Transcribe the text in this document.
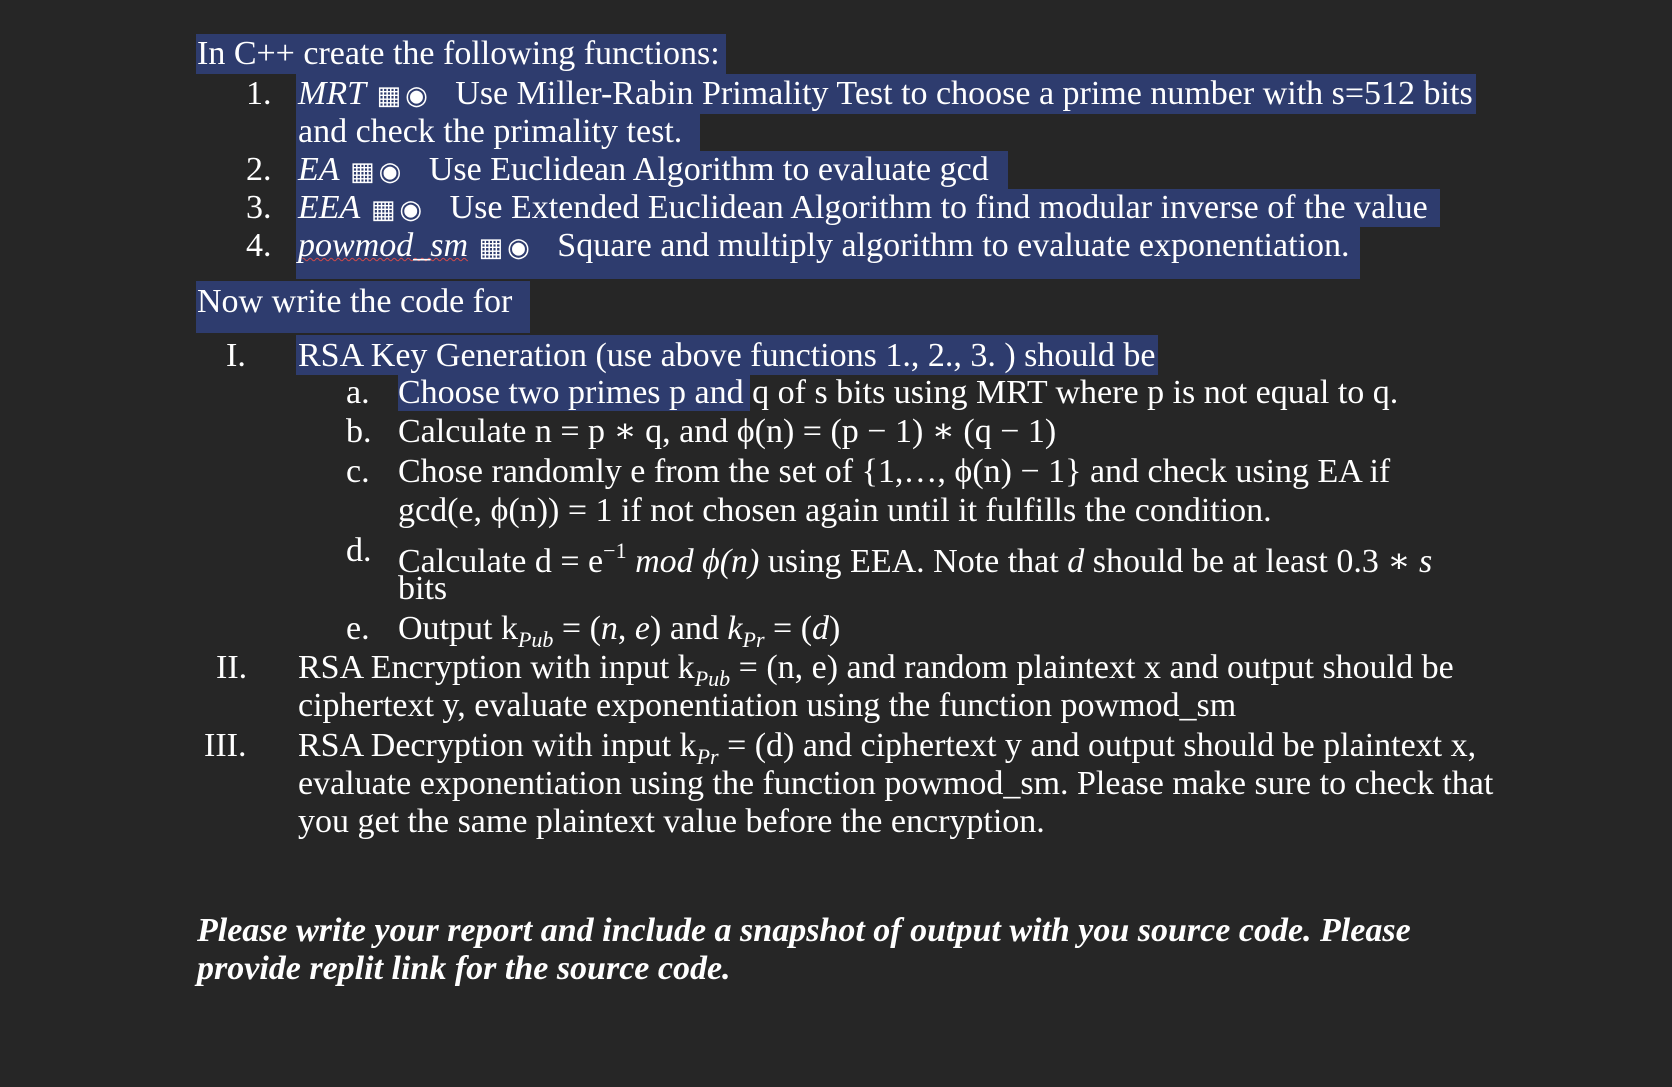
In C++ create the following functions:
1. MRT ▦ ◉ Use Miller-Rabin Primality Test to choose a prime number with s=512 bits
and check the primality test.
2. EA ▦ ◉ Use Euclidean Algorithm to evaluate gcd
3. EEA ▦ ◉ Use Extended Euclidean Algorithm to find modular inverse of the value
4. powmod_sm ▦ ◉ Square and multiply algorithm to evaluate exponentiation.
Now write the code for
I. RSA Key Generation (use above functions 1., 2., 3. ) should be
a. Choose two primes p and q of s bits using MRT where p is not equal to q.
b. Calculate n = p ∗ q, and ϕ(n) = (p − 1) ∗ (q − 1)
c. Chose randomly e from the set of {1,…, ϕ(n) − 1} and check using EA if
gcd(e, ϕ(n)) = 1 if not chosen again until it fulfills the condition.
d. Calculate $d = e^{-1}$ mod ϕ(n) using EEA. Note that d should be at least 0.3 ∗ s
bits
e. Output $k_{Pub} = (n$, e) and $k_{Pr} = (d)$
II. RSA Encryption with input $k_{Pub} = (n$, e) and random plaintext x and output should be
ciphertext y, evaluate exponentiation using the function powmod_sm
III. RSA Decryption with input $k_{Pr} = (d)$ and ciphertext y and output should be plaintext x,
evaluate exponentiation using the function powmod_sm. Please make sure to check that
you get the same plaintext value before the encryption.
Please write your report and include a snapshot of output with you source code. Please
provide replit link for the source code.
